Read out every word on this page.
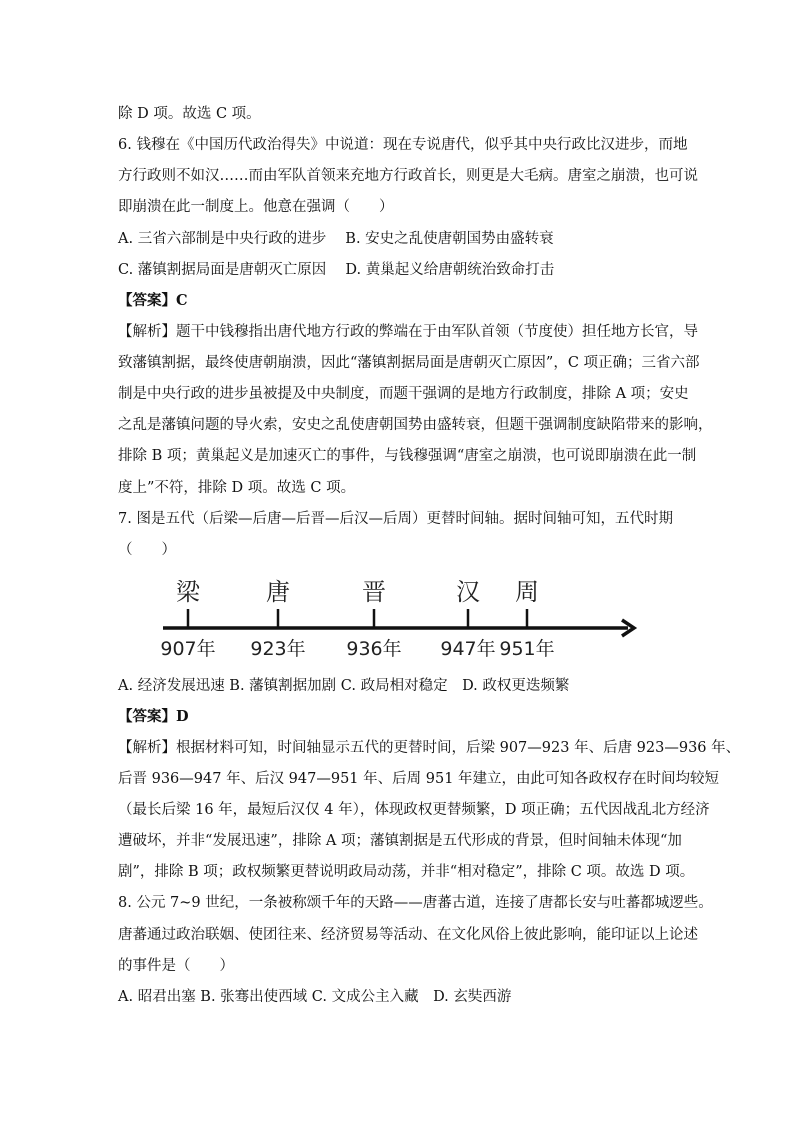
除 D 项。故选 C 项。
6. 钱穆在《中国历代政治得失》中说道：现在专说唐代，似乎其中央行政比汉进步，而地
方行政则不如汉……而由军队首领来充地方行政首长，则更是大毛病。唐室之崩溃，也可说
即崩溃在此一制度上。他意在强调（　　）
A. 三省六部制是中央行政的进步　 B. 安史之乱使唐朝国势由盛转衰
C. 藩镇割据局面是唐朝灭亡原因　 D. 黄巢起义给唐朝统治致命打击
【答案】C
【解析】题干中钱穆指出唐代地方行政的弊端在于由军队首领（节度使）担任地方长官，导
致藩镇割据，最终使唐朝崩溃，因此“藩镇割据局面是唐朝灭亡原因”，C 项正确；三省六部
制是中央行政的进步虽被提及中央制度，而题干强调的是地方行政制度，排除 A 项；安史
之乱是藩镇问题的导火索，安史之乱使唐朝国势由盛转衰，但题干强调制度缺陷带来的影响，
排除 B 项；黄巢起义是加速灭亡的事件，与钱穆强调“唐室之崩溃，也可说即崩溃在此一制
度上”不符，排除 D 项。故选 C 项。
7. 图是五代（后梁—后唐—后晋—后汉—后周）更替时间轴。据时间轴可知，五代时期
（　　）
梁
907年
唐
923年
晋
936年
汉
947年
周
951年
A. 经济发展迅速 B. 藩镇割据加剧 C. 政局相对稳定　D. 政权更迭频繁
【答案】D
【解析】根据材料可知，时间轴显示五代的更替时间，后梁 907—923 年、后唐 923—936 年、
后晋 936—947 年、后汉 947—951 年、后周 951 年建立，由此可知各政权存在时间均较短
（最长后梁 16 年，最短后汉仅 4 年），体现政权更替频繁，D 项正确；五代因战乱北方经济
遭破坏，并非“发展迅速”，排除 A 项；藩镇割据是五代形成的背景，但时间轴未体现“加
剧”，排除 B 项；政权频繁更替说明政局动荡，并非“相对稳定”，排除 C 项。故选 D 项。
8. 公元 7~9 世纪，一条被称颂千年的天路——唐蕃古道，连接了唐都长安与吐蕃都城逻些。
唐蕃通过政治联姻、使团往来、经济贸易等活动、在文化风俗上彼此影响，能印证以上论述
的事件是（　　）
A. 昭君出塞 B. 张骞出使西域 C. 文成公主入藏　D. 玄奘西游
